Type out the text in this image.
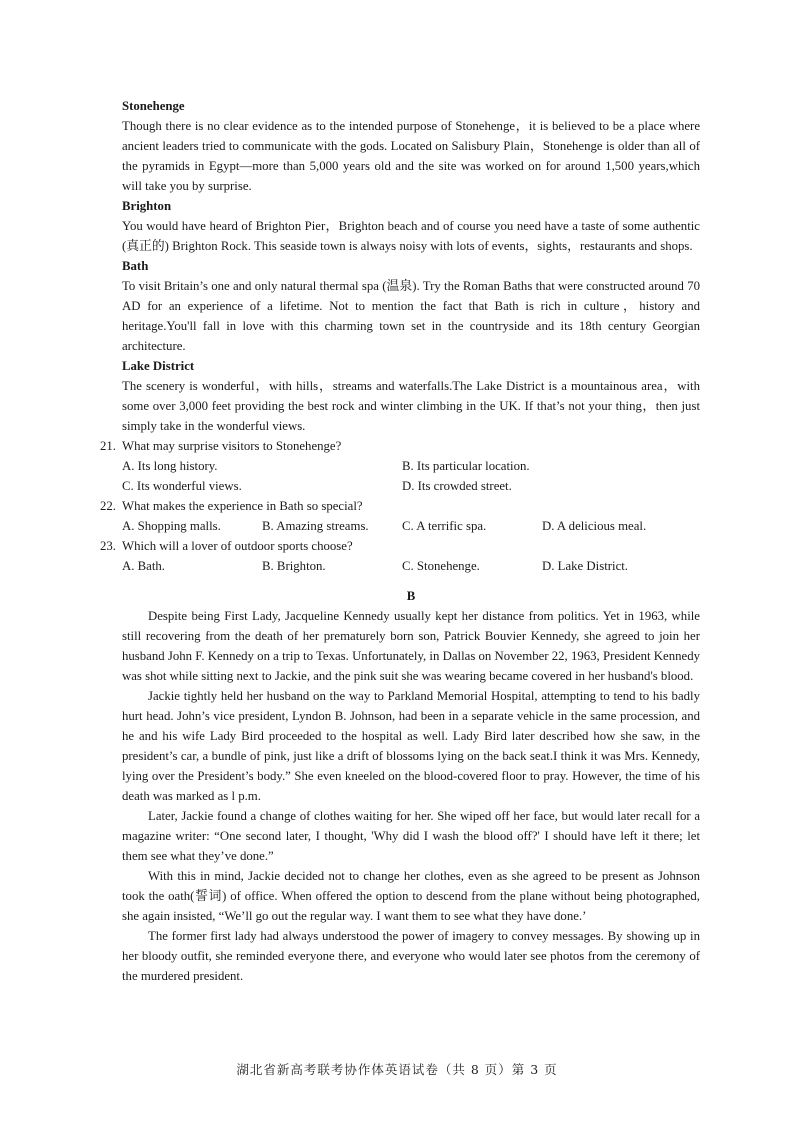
Stonehenge

Though there is no clear evidence as to the intended purpose of Stonehenge，it is believed to be a place where ancient leaders tried to communicate with the gods. Located on Salisbury Plain，Stonehenge is older than all of the pyramids in Egypt—more than 5,000 years old and the site was worked on for around 1,500 years,which will take you by surprise.

Brighton

You would have heard of Brighton Pier，Brighton beach and of course you need have a taste of some authentic (真正的) Brighton Rock. This seaside town is always noisy with lots of events，sights，restaurants and shops.

Bath

To visit Britain’s one and only natural thermal spa (温泉). Try the Roman Baths that were constructed around 70 AD for an experience of a lifetime. Not to mention the fact that Bath is rich in culture，history and heritage.You'll fall in love with this charming town set in the countryside and its 18th century Georgian architecture.

Lake District

The scenery is wonderful，with hills，streams and waterfalls.The Lake District is a mountainous area，with some over 3,000 feet providing the best rock and winter climbing in the UK. If that’s not your thing，then just simply take in the wonderful views.

21. What may surprise visitors to Stonehenge?
A. Its long history.	B. Its particular location.
C. Its wonderful views.	D. Its crowded street.
22. What makes the experience in Bath so special?
A. Shopping malls.	B. Amazing streams.	C. A terrific spa.	D. A delicious meal.
23. Which will a lover of outdoor sports choose?
A. Bath.	B. Brighton.	C. Stonehenge.	D. Lake District.

B

Despite being First Lady, Jacqueline Kennedy usually kept her distance from politics. Yet in 1963, while still recovering from the death of her prematurely born son, Patrick Bouvier Kennedy, she agreed to join her husband John F. Kennedy on a trip to Texas. Unfortunately, in Dallas on November 22, 1963, President Kennedy was shot while sitting next to Jackie, and the pink suit she was wearing became covered in her husband's blood.

Jackie tightly held her husband on the way to Parkland Memorial Hospital, attempting to tend to his badly hurt head. John’s vice president, Lyndon B. Johnson, had been in a separate vehicle in the same procession, and he and his wife Lady Bird proceeded to the hospital as well. Lady Bird later described how she saw, in the president’s car, a bundle of pink, just like a drift of blossoms lying on the back seat.I think it was Mrs. Kennedy, lying over the President’s body.” She even kneeled on the blood-covered floor to pray. However, the time of his death was marked as l p.m.

Later, Jackie found a change of clothes waiting for her. She wiped off her face, but would later recall for a magazine writer: “One second later, I thought, 'Why did I wash the blood off?' I should have left it there; let them see what they’ve done.”

With this in mind, Jackie decided not to change her clothes, even as she agreed to be present as Johnson took the oath(誓词) of office. When offered the option to descend from the plane without being photographed, she again insisted, “We’ll go out the regular way. I want them to see what they have done.’

The former first lady had always understood the power of imagery to convey messages. By showing up in her bloody outfit, she reminded everyone there, and everyone who would later see photos from the ceremony of the murdered president.

湖北省新高考联考协作体英语试卷（共 8 页）第 3 页
